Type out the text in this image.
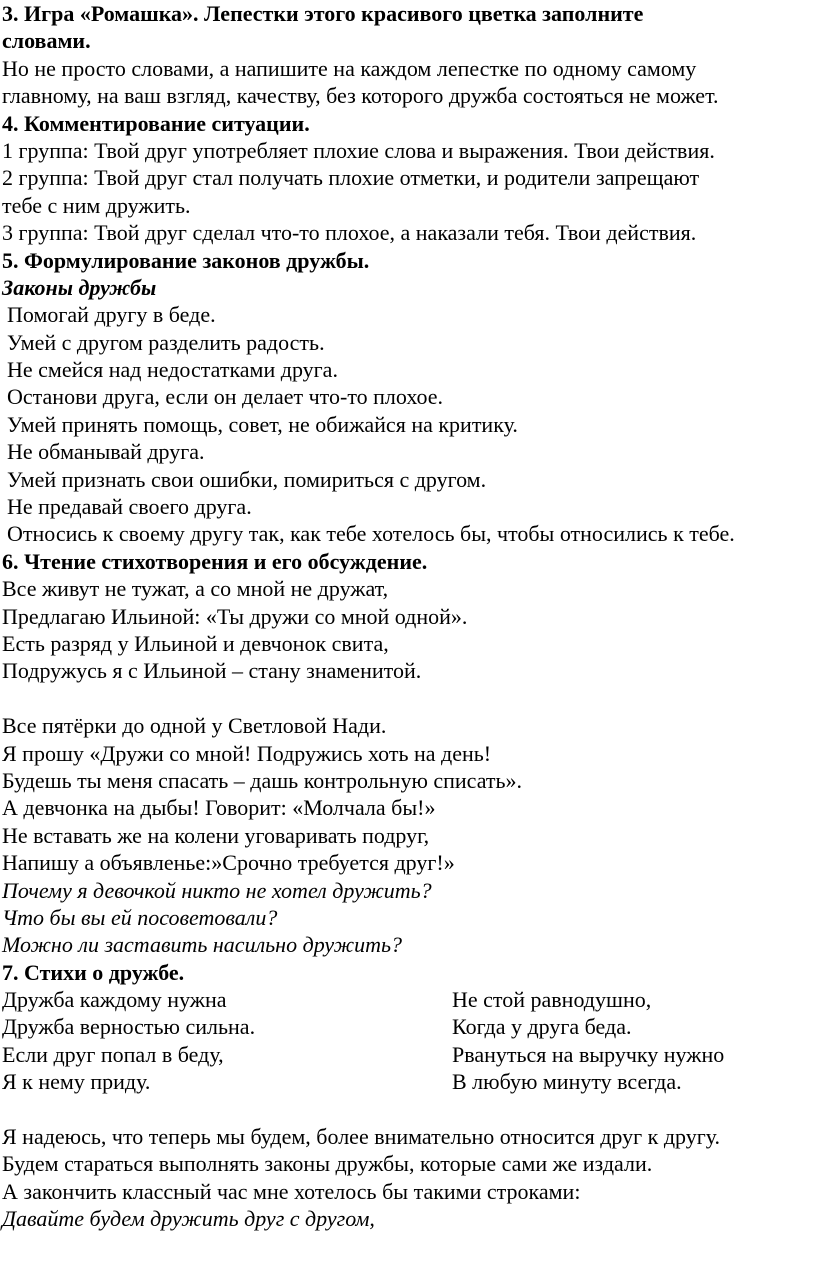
3. Игра «Ромашка». Лепестки этого красивого цветка заполните
словами.
Но не просто словами, а напишите на каждом лепестке по одному самому
главному, на ваш взгляд, качеству, без которого дружба состояться не может.
4. Комментирование ситуации.
1 группа: Твой друг употребляет плохие слова и выражения. Твои действия.
2 группа: Твой друг стал получать плохие отметки, и родители запрещают
тебе с ним дружить.
3 группа: Твой друг сделал что-то плохое, а наказали тебя. Твои действия.
5. Формулирование законов дружбы.
Законы дружбы
Помогай другу в беде.
Умей с другом разделить радость.
Не смейся над недостатками друга.
Останови друга, если он делает что-то плохое.
Умей принять помощь, совет, не обижайся на критику.
Не обманывай друга.
Умей признать свои ошибки, помириться с другом.
Не предавай своего друга.
Относись к своему другу так, как тебе хотелось бы, чтобы относились к тебе.
6. Чтение стихотворения и его обсуждение.
Все живут не тужат, а со мной не дружат,
Предлагаю Ильиной: «Ты дружи со мной одной».
Есть разряд у Ильиной и девчонок свита,
Подружусь я с Ильиной – стану знаменитой.
Все пятёрки до одной у Светловой Нади.
Я прошу «Дружи со мной! Подружись хоть на день!
Будешь ты меня спасать – дашь контрольную списать».
А девчонка на дыбы! Говорит: «Молчала бы!»
Не вставать же на колени уговаривать подруг,
Напишу а объявленье:»Срочно требуется друг!»
Почему я девочкой никто не хотел дружить?
Что бы вы ей посоветовали?
Можно ли заставить насильно дружить?
7. Стихи о дружбе.
Дружба каждому нужна
Дружба верностью сильна.
Если друг попал в беду,
Я к нему приду.
Не стой равнодушно,
Когда у друга беда.
Рвануться на выручку нужно
В любую минуту всегда.
Я надеюсь, что теперь мы будем, более внимательно относится друг к другу.
Будем стараться выполнять законы дружбы, которые сами же издали.
А закончить классный час мне хотелось бы такими строками:
Давайте будем дружить друг с другом,
